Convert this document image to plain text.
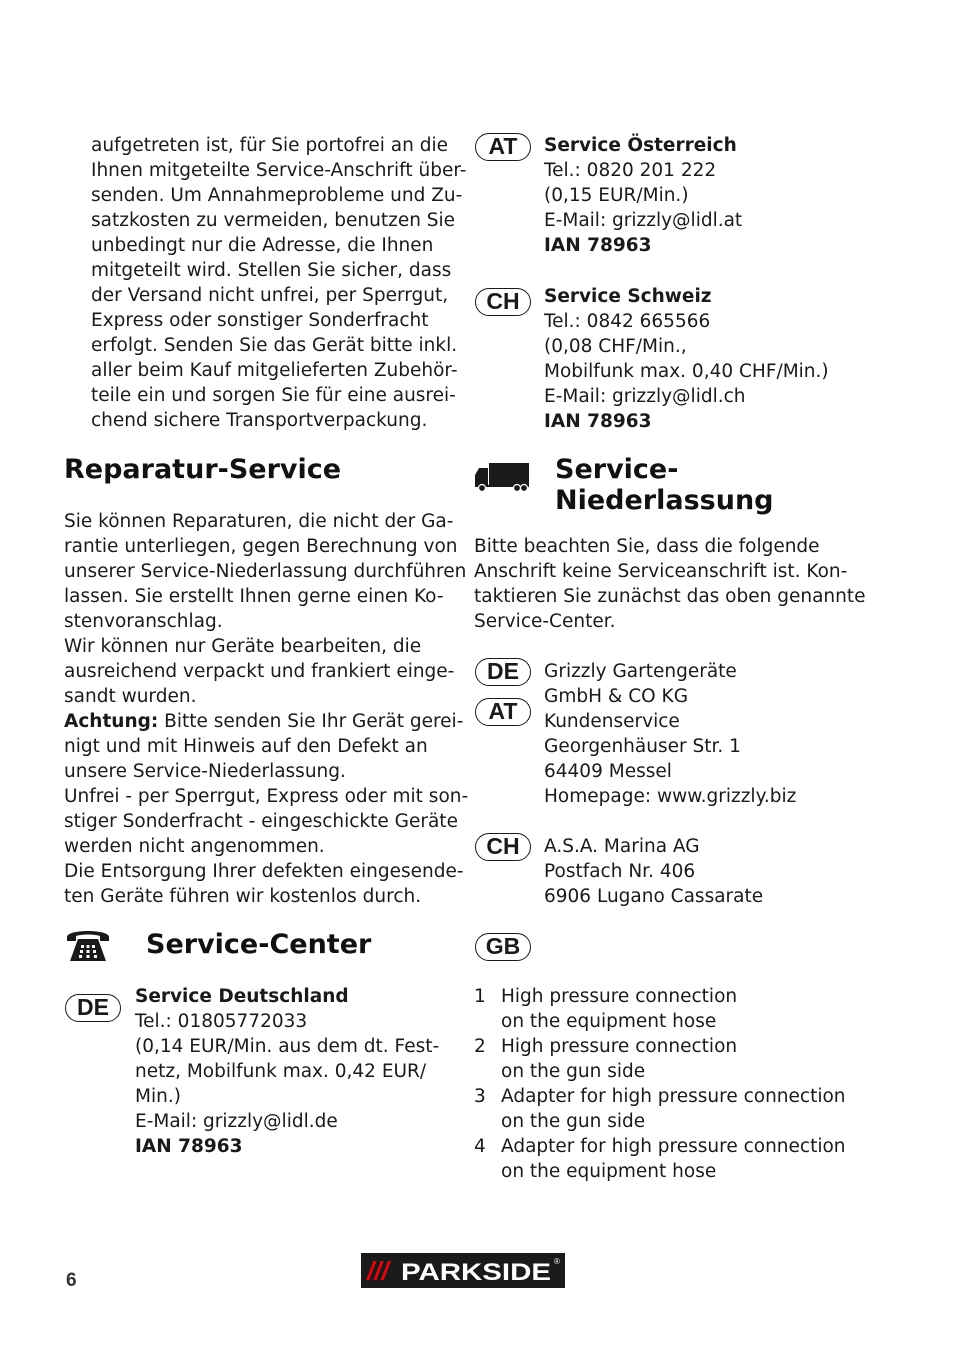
aufgetreten ist, für Sie portofrei an die
Ihnen mitgeteilte Service-Anschrift über-
senden. Um Annahmeprobleme und Zu-
satzkosten zu vermeiden, benutzen Sie
unbedingt nur die Adresse, die Ihnen
mitgeteilt wird. Stellen Sie sicher, dass
der Versand nicht unfrei, per Sperrgut,
Express oder sonstiger Sonderfracht
erfolgt. Senden Sie das Gerät bitte inkl.
aller beim Kauf mitgelieferten Zubehör-
teile ein und sorgen Sie für eine ausrei-
chend sichere Transportverpackung.
Reparatur-Service
Sie können Reparaturen, die nicht der Ga-
rantie unterliegen, gegen Berechnung von
unserer Service-Niederlassung durchführen
lassen. Sie erstellt Ihnen gerne einen Ko-
stenvoranschlag.
Wir können nur Geräte bearbeiten, die
ausreichend verpackt und frankiert einge-
sandt wurden.
Achtung: Bitte senden Sie Ihr Gerät gerei-
nigt und mit Hinweis auf den Defekt an
unsere Service-Niederlassung.
Unfrei - per Sperrgut, Express oder mit son-
stiger Sonderfracht - eingeschickte Geräte
werden nicht angenommen.
Die Entsorgung Ihrer defekten eingesende-
ten Geräte führen wir kostenlos durch.
Service-Center
DE	Service Deutschland
Tel.: 01805772033
(0,14 EUR/Min. aus dem dt. Fest-
netz, Mobilfunk max. 0,42 EUR/
Min.)
E-Mail: grizzly@lidl.de
IAN 78963
AT	Service Österreich
Tel.: 0820 201 222
(0,15 EUR/Min.)
E-Mail: grizzly@lidl.at
IAN 78963
CH	Service Schweiz
Tel.: 0842 665566
(0,08 CHF/Min.,
Mobilfunk max. 0,40 CHF/Min.)
E-Mail: grizzly@lidl.ch
IAN 78963
Service-
Niederlassung
Bitte beachten Sie, dass die folgende
Anschrift keine Serviceanschrift ist. Kon-
taktieren Sie zunächst das oben genannte
Service-Center.
DE
AT
Grizzly Gartengeräte
GmbH & CO KG
Kundenservice
Georgenhäuser Str. 1
64409 Messel
Homepage: www.grizzly.biz
CH	A.S.A. Marina AG
Postfach Nr. 406
6906 Lugano Cassarate
GB
1 High pressure connection
on the equipment hose
2 High pressure connection
on the gun side
3 Adapter for high pressure connection
on the gun side
4 Adapter for high pressure connection
on the equipment hose
6	/// PARKSIDE ®
